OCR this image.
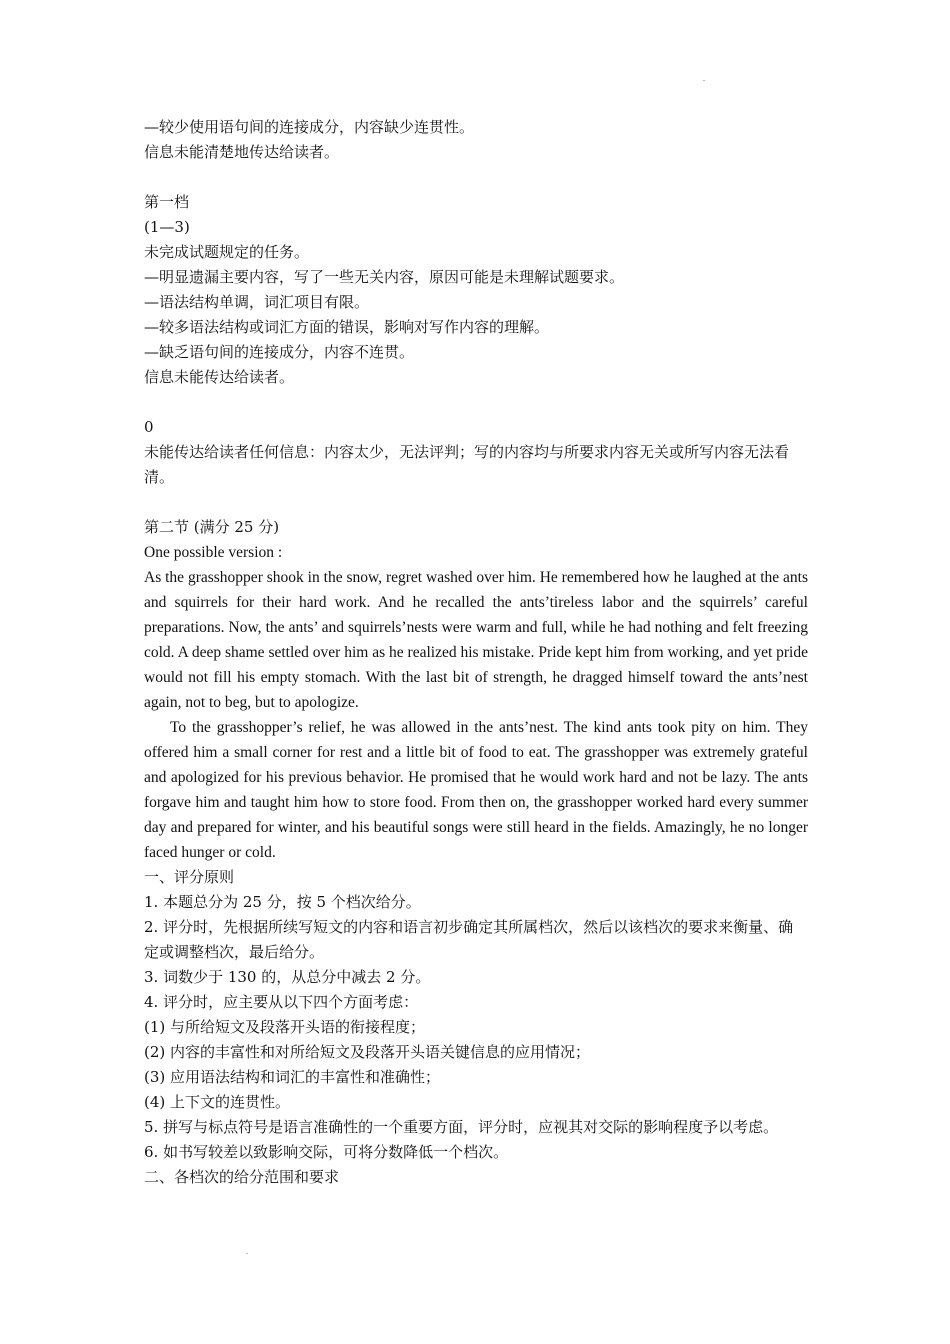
—较少使用语句间的连接成分，内容缺少连贯性。
信息未能清楚地传达给读者。
第一档
(1—3)
未完成试题规定的任务。
—明显遗漏主要内容，写了一些无关内容，原因可能是未理解试题要求。
—语法结构单调，词汇项目有限。
—较多语法结构或词汇方面的错误，影响对写作内容的理解。
—缺乏语句间的连接成分，内容不连贯。
信息未能传达给读者。
0
未能传达给读者任何信息：内容太少，无法评判；写的内容均与所要求内容无关或所写内容无法看清。
第二节 (满分 25 分)
One possible version :
As the grasshopper shook in the snow, regret washed over him. He remembered how he laughed at the ants and squirrels for their hard work. And he recalled the ants’tireless labor and the squirrels’ careful preparations. Now, the ants’ and squirrels’nests were warm and full, while he had nothing and felt freezing cold. A deep shame settled over him as he realized his mistake. Pride kept him from working, and yet pride would not fill his empty stomach. With the last bit of strength, he dragged himself toward the ants’nest again, not to beg, but to apologize.
To the grasshopper’s relief, he was allowed in the ants’nest. The kind ants took pity on him. They offered him a small corner for rest and a little bit of food to eat. The grasshopper was extremely grateful and apologized for his previous behavior. He promised that he would work hard and not be lazy. The ants forgave him and taught him how to store food. From then on, the grasshopper worked hard every summer day and prepared for winter, and his beautiful songs were still heard in the fields. Amazingly, he no longer faced hunger or cold.
一、评分原则
1. 本题总分为 25 分，按 5 个档次给分。
2. 评分时，先根据所续写短文的内容和语言初步确定其所属档次，然后以该档次的要求来衡量、确定或调整档次，最后给分。
3. 词数少于 130 的，从总分中减去 2 分。
4. 评分时，应主要从以下四个方面考虑：
(1) 与所给短文及段落开头语的衔接程度；
(2) 内容的丰富性和对所给短文及段落开头语关键信息的应用情况；
(3) 应用语法结构和词汇的丰富性和准确性；
(4) 上下文的连贯性。
5. 拼写与标点符号是语言准确性的一个重要方面，评分时，应视其对交际的影响程度予以考虑。
6. 如书写较差以致影响交际，可将分数降低一个档次。
二、各档次的给分范围和要求
